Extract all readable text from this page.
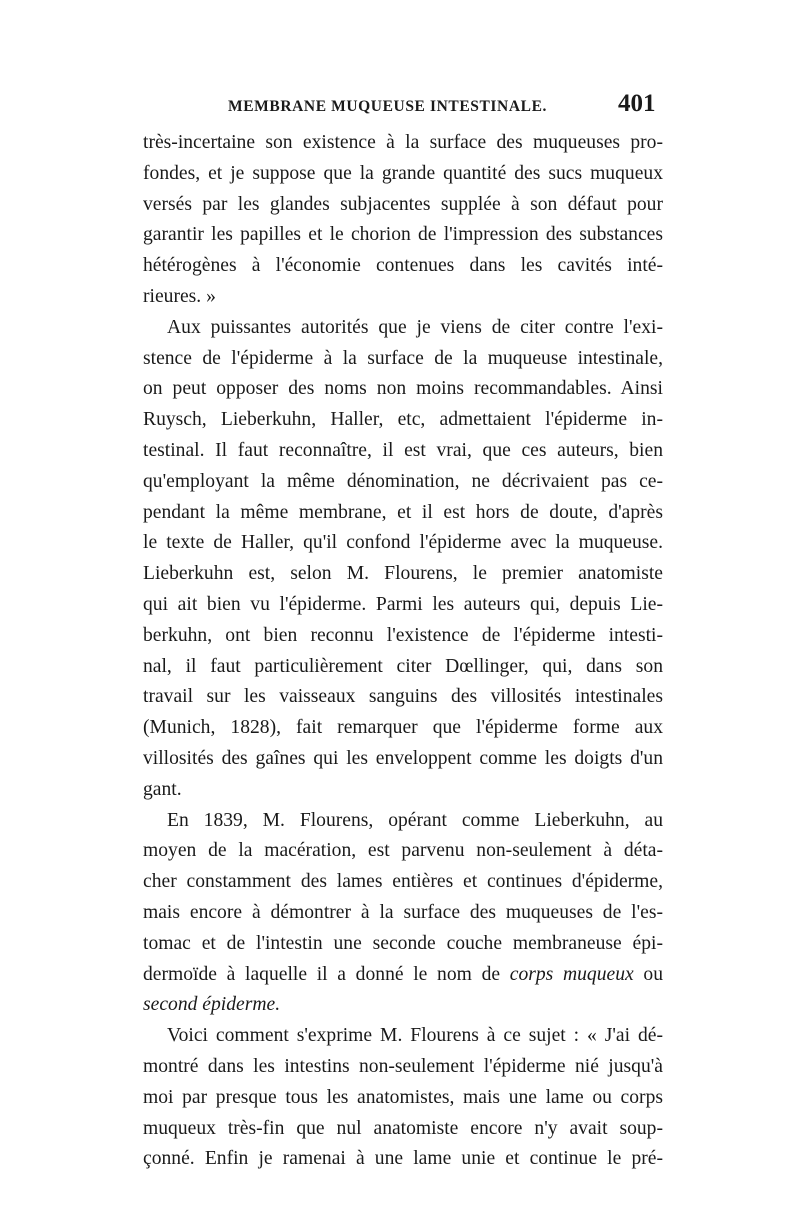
MEMBRANE MUQUEUSE INTESTINALE.	401
très-incertaine son existence à la surface des muqueuses pro-
fondes, et je suppose que la grande quantité des sucs muqueux
versés par les glandes subjacentes supplée à son défaut pour
garantir les papilles et le chorion de l'impression des substances
hétérogènes à l'économie contenues dans les cavités inté-
rieures. »
Aux puissantes autorités que je viens de citer contre l'exi-
stence de l'épiderme à la surface de la muqueuse intestinale,
on peut opposer des noms non moins recommandables. Ainsi
Ruysch, Lieberkuhn, Haller, etc, admettaient l'épiderme in-
testinal. Il faut reconnaître, il est vrai, que ces auteurs, bien
qu'employant la même dénomination, ne décrivaient pas ce-
pendant la même membrane, et il est hors de doute, d'après
le texte de Haller, qu'il confond l'épiderme avec la muqueuse.
Lieberkuhn est, selon M. Flourens, le premier anatomiste
qui ait bien vu l'épiderme. Parmi les auteurs qui, depuis Lie-
berkuhn, ont bien reconnu l'existence de l'épiderme intesti-
nal, il faut particulièrement citer Dœllinger, qui, dans son
travail sur les vaisseaux sanguins des villosités intestinales
(Munich, 1828), fait remarquer que l'épiderme forme aux
villosités des gaînes qui les enveloppent comme les doigts d'un
gant.
En 1839, M. Flourens, opérant comme Lieberkuhn, au
moyen de la macération, est parvenu non-seulement à déta-
cher constamment des lames entières et continues d'épiderme,
mais encore à démontrer à la surface des muqueuses de l'es-
tomac et de l'intestin une seconde couche membraneuse épi-
dermoïde à laquelle il a donné le nom de corps muqueux ou
second épiderme.
Voici comment s'exprime M. Flourens à ce sujet : « J'ai dé-
montré dans les intestins non-seulement l'épiderme nié jusqu'à
moi par presque tous les anatomistes, mais une lame ou corps
muqueux très-fin que nul anatomiste encore n'y avait soup-
çonné. Enfin je ramenai à une lame unie et continue le pré-
